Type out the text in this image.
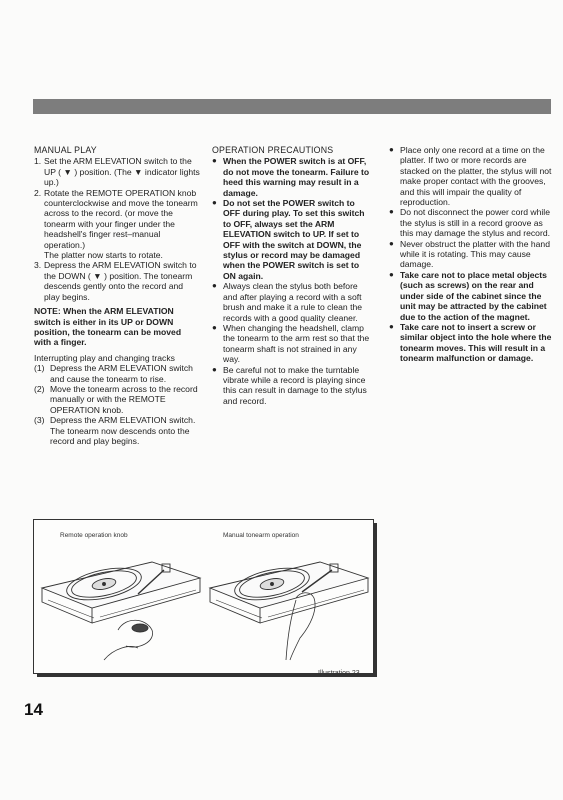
MANUAL PLAY
1. Set the ARM ELEVATION switch to the UP ( ▼ ) position. (The ▼ indicator lights up.)
2. Rotate the REMOTE OPERATION knob counterclockwise and move the tonearm across to the record. (or move the tonearm with your finger under the headshell's finger rest–manual operation.)
The platter now starts to rotate.
3. Depress the ARM ELEVATION switch to the DOWN ( ▼ ) position. The tonearm descends gently onto the record and play begins.
NOTE: When the ARM ELEVATION switch is either in its UP or DOWN position, the tonearm can be moved with a finger.
Interrupting play and changing tracks
(1) Depress the ARM ELEVATION switch and cause the tonearm to rise.
(2) Move the tonearm across to the record manually or with the REMOTE OPERATION knob.
(3) Depress the ARM ELEVATION switch. The tonearm now descends onto the record and play begins.
OPERATION PRECAUTIONS
● When the POWER switch is at OFF, do not move the tonearm. Failure to heed this warning may result in a damage.
● Do not set the POWER switch to OFF during play. To set this switch to OFF, always set the ARM ELEVATION switch to UP. If set to OFF with the switch at DOWN, the stylus or record may be damaged when the POWER switch is set to ON again.
● Always clean the stylus both before and after playing a record with a soft brush and make it a rule to clean the records with a good quality cleaner.
● When changing the headshell, clamp the tonearm to the arm rest so that the tonearm shaft is not strained in any way.
● Be careful not to make the turntable vibrate while a record is playing since this can result in damage to the stylus and record.
● Place only one record at a time on the platter. If two or more records are stacked on the platter, the stylus will not make proper contact with the grooves, and this will impair the quality of reproduction.
● Do not disconnect the power cord while the stylus is still in a record groove as this may damage the stylus and record.
● Never obstruct the platter with the hand while it is rotating. This may cause damage.
● Take care not to place metal objects (such as screws) on the rear and under side of the cabinet since the unit may be attracted by the cabinet due to the action of the magnet.
● Take care not to insert a screw or similar object into the hole where the tonearm moves. This will result in a tonearm malfunction or damage.
Remote operation knob	Manual tonearm operation
Illustration 23
14
